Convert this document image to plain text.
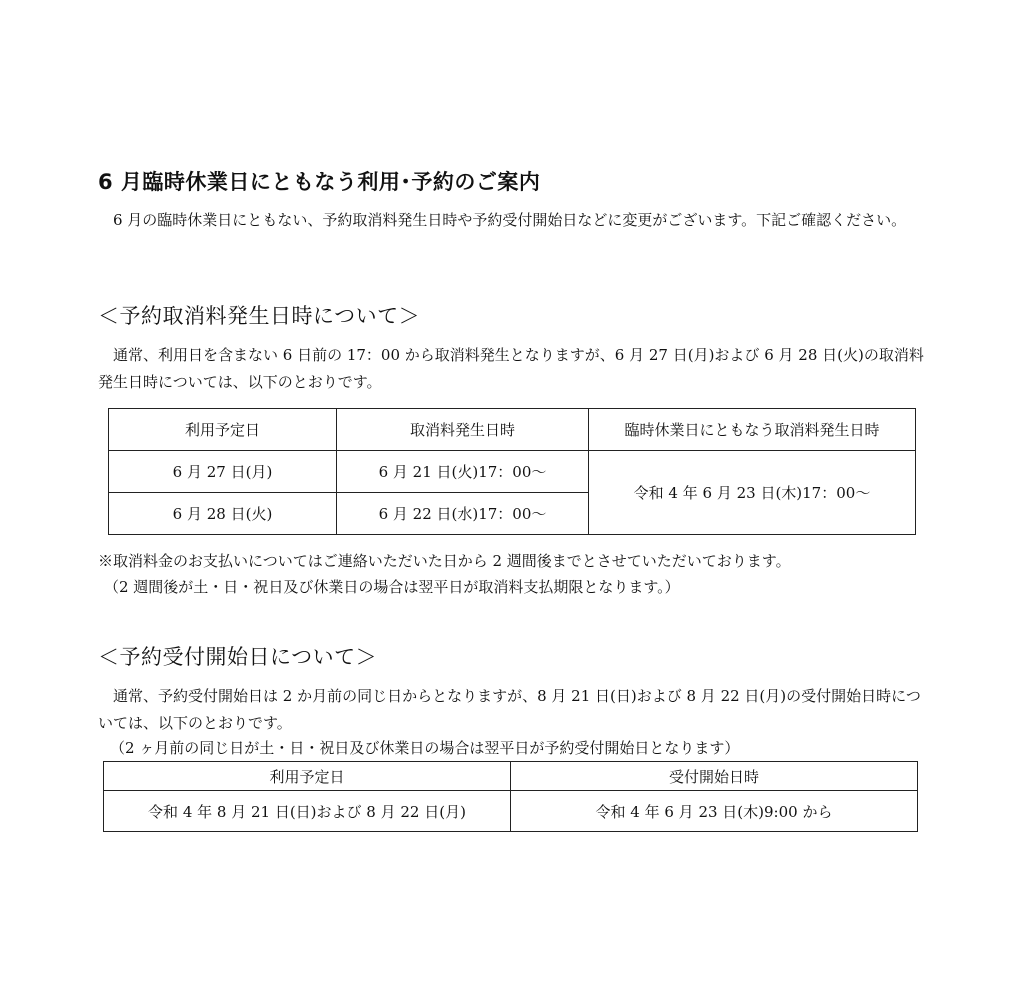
6 月臨時休業日にともなう利用･予約のご案内
　6 月の臨時休業日にともない、予約取消料発生日時や予約受付開始日などに変更がございます。下記ご確認ください。
＜予約取消料発生日時について＞
　通常、利用日を含まない 6 日前の 17：00 から取消料発生となりますが、6 月 27 日(月)および 6 月 28 日(火)の取消料発生日時については、以下のとおりです。
利用予定日	取消料発生日時	臨時休業日にともなう取消料発生日時
6 月 27 日(月)	6 月 21 日(火)17：00～	令和 4 年 6 月 23 日(木)17：00～
6 月 28 日(火)	6 月 22 日(水)17：00～	
※取消料金のお支払いについてはご連絡いただいた日から 2 週間後までとさせていただいております。
（2 週間後が土・日・祝日及び休業日の場合は翌平日が取消料支払期限となります。）
＜予約受付開始日について＞
　通常、予約受付開始日は 2 か月前の同じ日からとなりますが、8 月 21 日(日)および 8 月 22 日(月)の受付開始日時については、以下のとおりです。
（2 ヶ月前の同じ日が土・日・祝日及び休業日の場合は翌平日が予約受付開始日となります）
利用予定日	受付開始日時
令和 4 年 8 月 21 日(日)および 8 月 22 日(月)	令和 4 年 6 月 23 日(木)9:00 から
